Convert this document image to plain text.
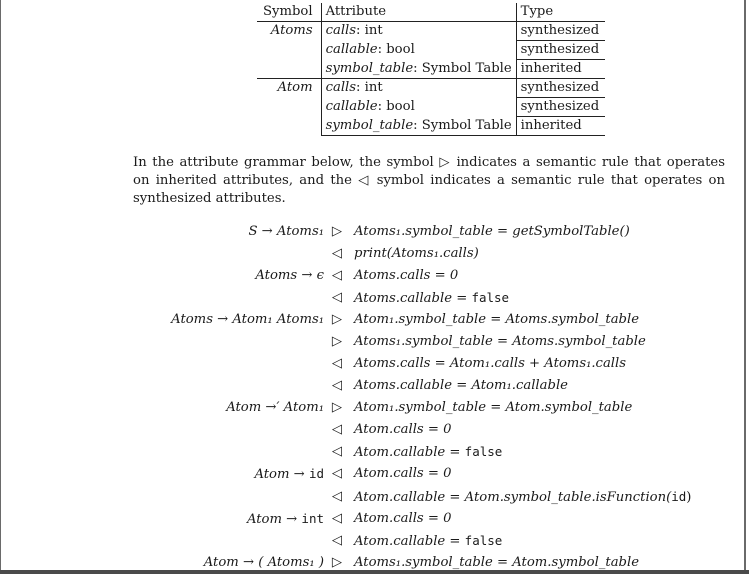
Symbol	Attribute	Type
Atoms	calls: int	synthesized
	callable: bool	synthesized
	symbol_table: Symbol Table	inherited
Atom	calls: int	synthesized
	callable: bool	synthesized
	symbol_table: Symbol Table	inherited
In the attribute grammar below, the symbol ▷ indicates a semantic rule that operates on inherited attributes, and the ◁ symbol indicates a semantic rule that operates on synthesized attributes.
S → Atoms₁ ▷ Atoms₁.symbol_table = getSymbolTable()
◁ print(Atoms₁.calls)
Atoms → ϵ ◁ Atoms.calls = 0
◁ Atoms.callable = false
Atoms → Atom₁ Atoms₁ ▷ Atom₁.symbol_table = Atoms.symbol_table
▷ Atoms₁.symbol_table = Atoms.symbol_table
◁ Atoms.calls = Atom₁.calls + Atoms₁.calls
◁ Atoms.callable = Atom₁.callable
Atom →′ Atom₁ ▷ Atom₁.symbol_table = Atom.symbol_table
◁ Atom.calls = 0
◁ Atom.callable = false
Atom → id ◁ Atom.calls = 0
◁ Atom.callable = Atom.symbol_table.isFunction(id)
Atom → int ◁ Atom.calls = 0
◁ Atom.callable = false
Atom → ( Atoms₁ ) ▷ Atoms₁.symbol_table = Atom.symbol_table
